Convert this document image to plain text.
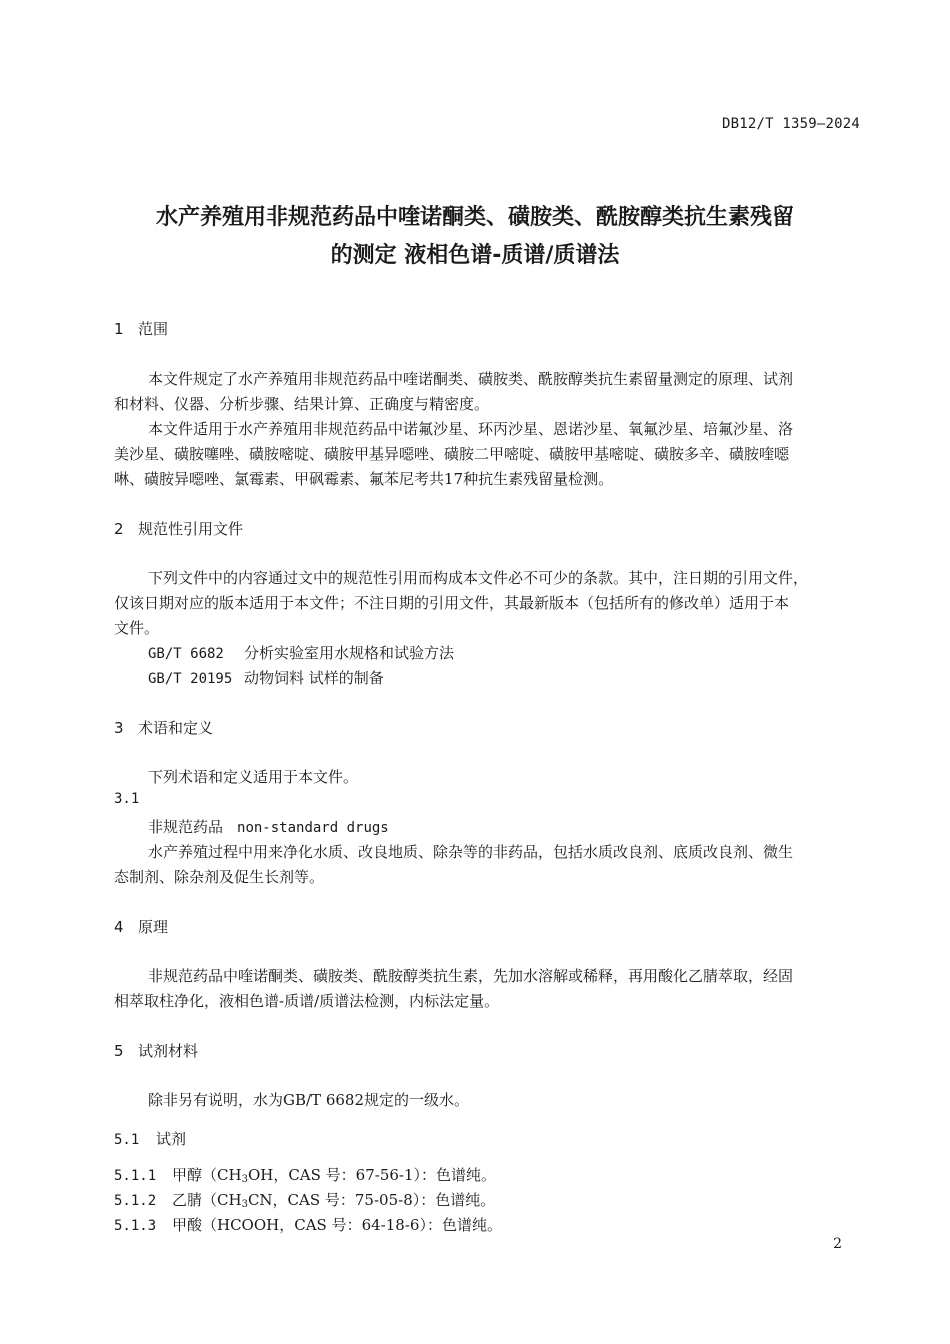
DB12/T 1359—2024
水产养殖用非规范药品中喹诺酮类、磺胺类、酰胺醇类抗生素残留
的测定 液相色谱-质谱/质谱法
1 范围
本文件规定了水产养殖用非规范药品中喹诺酮类、磺胺类、酰胺醇类抗生素留量测定的原理、试剂
和材料、仪器、分析步骤、结果计算、正确度与精密度。
本文件适用于水产养殖用非规范药品中诺氟沙星、环丙沙星、恩诺沙星、氧氟沙星、培氟沙星、洛
美沙星、磺胺噻唑、磺胺嘧啶、磺胺甲基异噁唑、磺胺二甲嘧啶、磺胺甲基嘧啶、磺胺多辛、磺胺喹噁
啉、磺胺异噁唑、氯霉素、甲砜霉素、氟苯尼考共17种抗生素残留量检测。
2 规范性引用文件
下列文件中的内容通过文中的规范性引用而构成本文件必不可少的条款。其中，注日期的引用文件，
仅该日期对应的版本适用于本文件；不注日期的引用文件，其最新版本（包括所有的修改单）适用于本
文件。
GB/T 6682 分析实验室用水规格和试验方法
GB/T 20195 动物饲料 试样的制备
3 术语和定义
下列术语和定义适用于本文件。
3.1
非规范药品 non-standard drugs
水产养殖过程中用来净化水质、改良地质、除杂等的非药品，包括水质改良剂、底质改良剂、微生
态制剂、除杂剂及促生长剂等。
4 原理
非规范药品中喹诺酮类、磺胺类、酰胺醇类抗生素，先加水溶解或稀释，再用酸化乙腈萃取，经固
相萃取柱净化，液相色谱-质谱/质谱法检测，内标法定量。
5 试剂材料
除非另有说明，水为GB/T 6682规定的一级水。
5.1 试剂
5.1.1 甲醇（$CH_3OH$，CAS 号：67-56-1）：色谱纯。
5.1.2 乙腈（$CH_3CN$，CAS 号：75-05-8）：色谱纯。
5.1.3 甲酸（HCOOH，CAS 号：64-18-6）：色谱纯。
2
